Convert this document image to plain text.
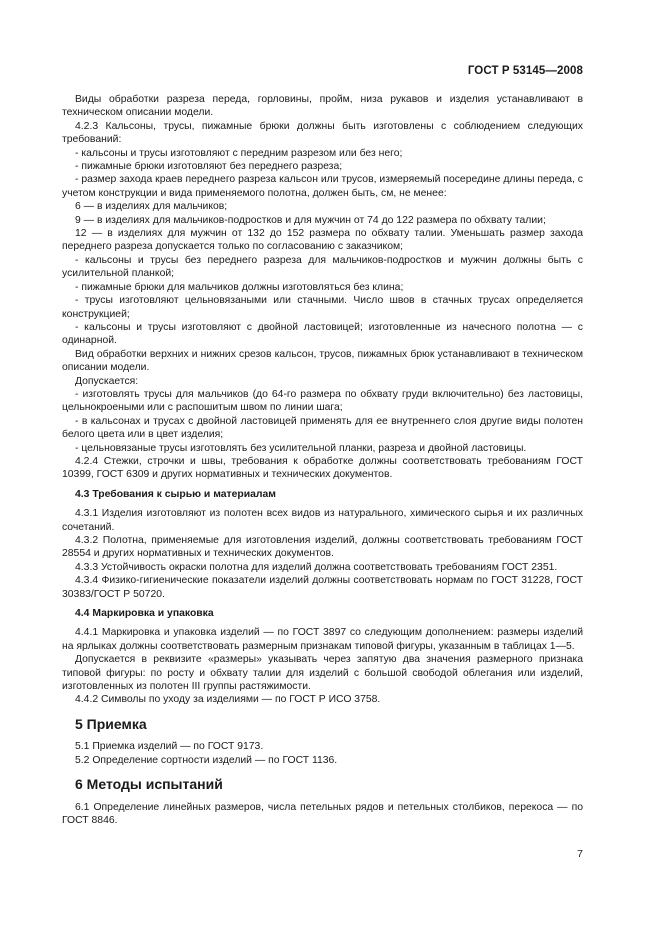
ГОСТ Р 53145—2008

Виды обработки разреза переда, горловины, пройм, низа рукавов и изделия устанавливают в техническом описании модели.

4.2.3 Кальсоны, трусы, пижамные брюки должны быть изготовлены с соблюдением следующих требований:

- кальсоны и трусы изготовляют с передним разрезом или без него;

- пижамные брюки изготовляют без переднего разреза;

- размер захода краев переднего разреза кальсон или трусов, измеряемый посередине длины переда, с учетом конструкции и вида применяемого полотна, должен быть, см, не менее:

6 — в изделиях для мальчиков;

9 — в изделиях для мальчиков-подростков и для мужчин от 74 до 122 размера по обхвату талии;

12 — в изделиях для мужчин от 132 до 152 размера по обхвату талии. Уменьшать размер захода переднего разреза допускается только по согласованию с заказчиком;

- кальсоны и трусы без переднего разреза для мальчиков-подростков и мужчин должны быть с усилительной планкой;

- пижамные брюки для мальчиков должны изготовляться без клина;

- трусы изготовляют цельновязаными или стачными. Число швов в стачных трусах определяется конструкцией;

- кальсоны и трусы изготовляют с двойной ластовицей; изготовленные из начесного полотна — с одинарной.

Вид обработки верхних и нижних срезов кальсон, трусов, пижамных брюк устанавливают в техническом описании модели.

Допускается:

- изготовлять трусы для мальчиков (до 64-го размера по обхвату груди включительно) без ластовицы, цельнокроеными или с распошитым швом по линии шага;

- в кальсонах и трусах с двойной ластовицей применять для ее внутреннего слоя другие виды полотен белого цвета или в цвет изделия;

- цельновязаные трусы изготовлять без усилительной планки, разреза и двойной ластовицы.

4.2.4 Стежки, строчки и швы, требования к обработке должны соответствовать требованиям ГОСТ 10399, ГОСТ 6309 и других нормативных и технических документов.

4.3 Требования к сырью и материалам

4.3.1 Изделия изготовляют из полотен всех видов из натурального, химического сырья и их различных сочетаний.

4.3.2 Полотна, применяемые для изготовления изделий, должны соответствовать требованиям ГОСТ 28554 и других нормативных и технических документов.

4.3.3 Устойчивость окраски полотна для изделий должна соответствовать требованиям ГОСТ 2351.

4.3.4 Физико-гигиенические показатели изделий должны соответствовать нормам по ГОСТ 31228, ГОСТ 30383/ГОСТ Р 50720.

4.4 Маркировка и упаковка

4.4.1 Маркировка и упаковка изделий — по ГОСТ 3897 со следующим дополнением: размеры изделий на ярлыках должны соответствовать размерным признакам типовой фигуры, указанным в таблицах 1—5.

Допускается в реквизите «размеры» указывать через запятую два значения размерного признака типовой фигуры: по росту и обхвату талии для изделий с большой свободой облегания или изделий, изготовленных из полотен III группы растяжимости.

4.4.2 Символы по уходу за изделиями — по ГОСТ Р ИСО 3758.

5 Приемка

5.1 Приемка изделий — по ГОСТ 9173.

5.2 Определение сортности изделий — по ГОСТ 1136.

6 Методы испытаний

6.1 Определение линейных размеров, числа петельных рядов и петельных столбиков, перекоса — по ГОСТ 8846.

7
